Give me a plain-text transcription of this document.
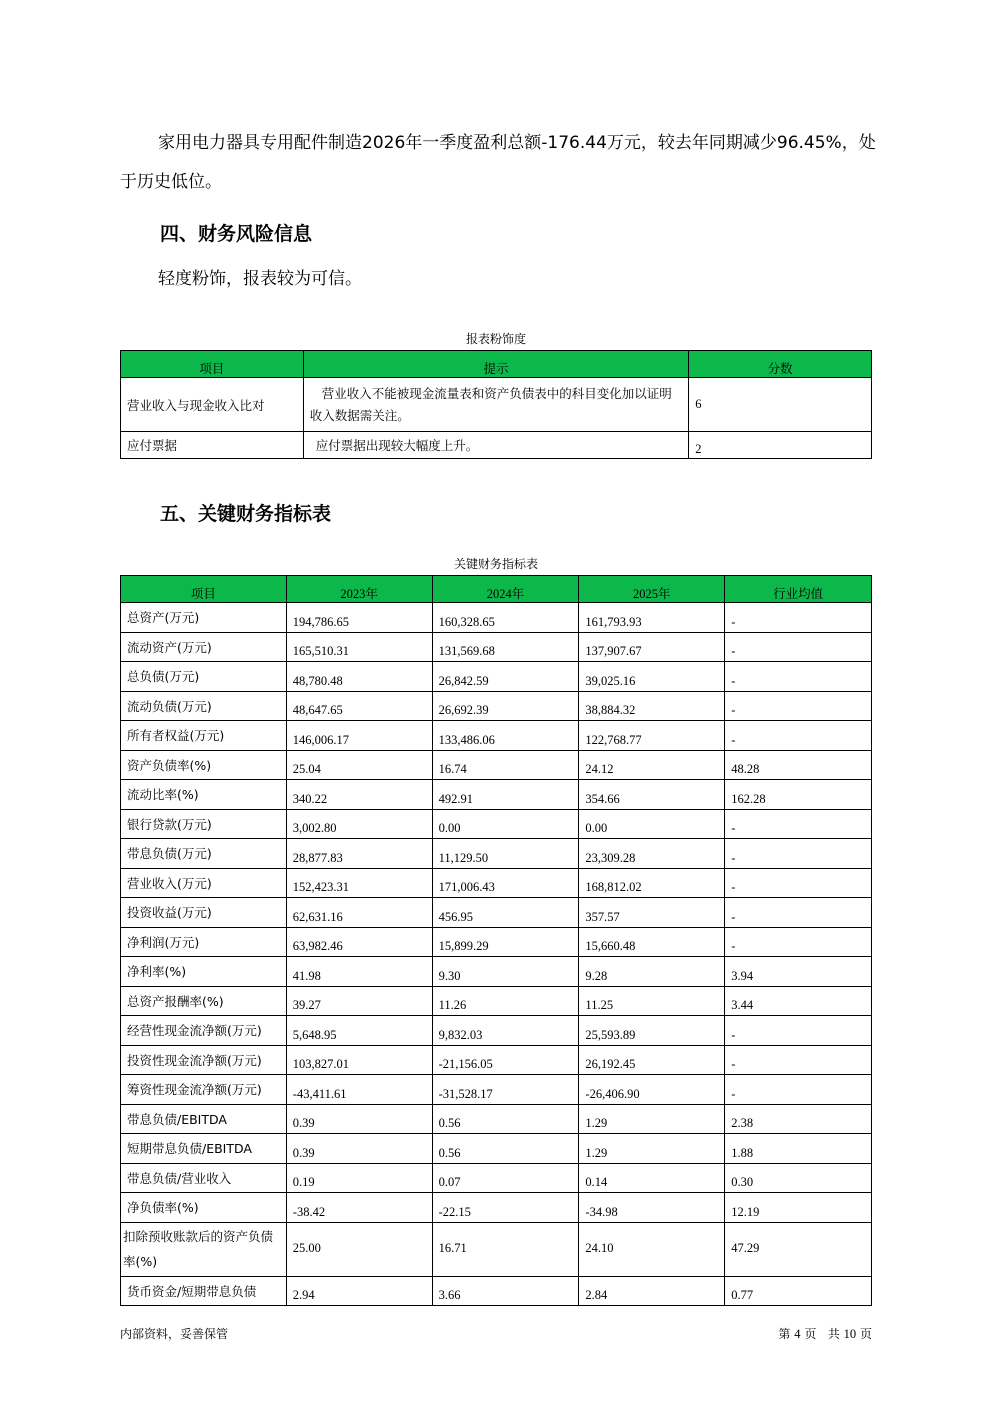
家用电力器具专用配件制造2026年一季度盈利总额-176.44万元，较去年同期减少96.45%，处于历史低位。
四、财务风险信息
轻度粉饰，报表较为可信。
报表粉饰度
项目	提示	分数
营业收入与现金收入比对	营业收入不能被现金流量表和资产负债表中的科目变化加以证明收入数据需关注。	6
应付票据	应付票据出现较大幅度上升。	2
五、关键财务指标表
关键财务指标表
项目	2023年	2024年	2025年	行业均值
总资产(万元)	194,786.65	160,328.65	161,793.93	-
流动资产(万元)	165,510.31	131,569.68	137,907.67	-
总负债(万元)	48,780.48	26,842.59	39,025.16	-
流动负债(万元)	48,647.65	26,692.39	38,884.32	-
所有者权益(万元)	146,006.17	133,486.06	122,768.77	-
资产负债率(%)	25.04	16.74	24.12	48.28
流动比率(%)	340.22	492.91	354.66	162.28
银行贷款(万元)	3,002.80	0.00	0.00	-
带息负债(万元)	28,877.83	11,129.50	23,309.28	-
营业收入(万元)	152,423.31	171,006.43	168,812.02	-
投资收益(万元)	62,631.16	456.95	357.57	-
净利润(万元)	63,982.46	15,899.29	15,660.48	-
净利率(%)	41.98	9.30	9.28	3.94
总资产报酬率(%)	39.27	11.26	11.25	3.44
经营性现金流净额(万元)	5,648.95	9,832.03	25,593.89	-
投资性现金流净额(万元)	103,827.01	-21,156.05	26,192.45	-
筹资性现金流净额(万元)	-43,411.61	-31,528.17	-26,406.90	-
带息负债/EBITDA	0.39	0.56	1.29	2.38
短期带息负债/EBITDA	0.39	0.56	1.29	1.88
带息负债/营业收入	0.19	0.07	0.14	0.30
净负债率(%)	-38.42	-22.15	-34.98	12.19
扣除预收账款后的资产负债率(%)	25.00	16.71	24.10	47.29
货币资金/短期带息负债	2.94	3.66	2.84	0.77
内部资料，妥善保管	第 4 页 共 10 页
